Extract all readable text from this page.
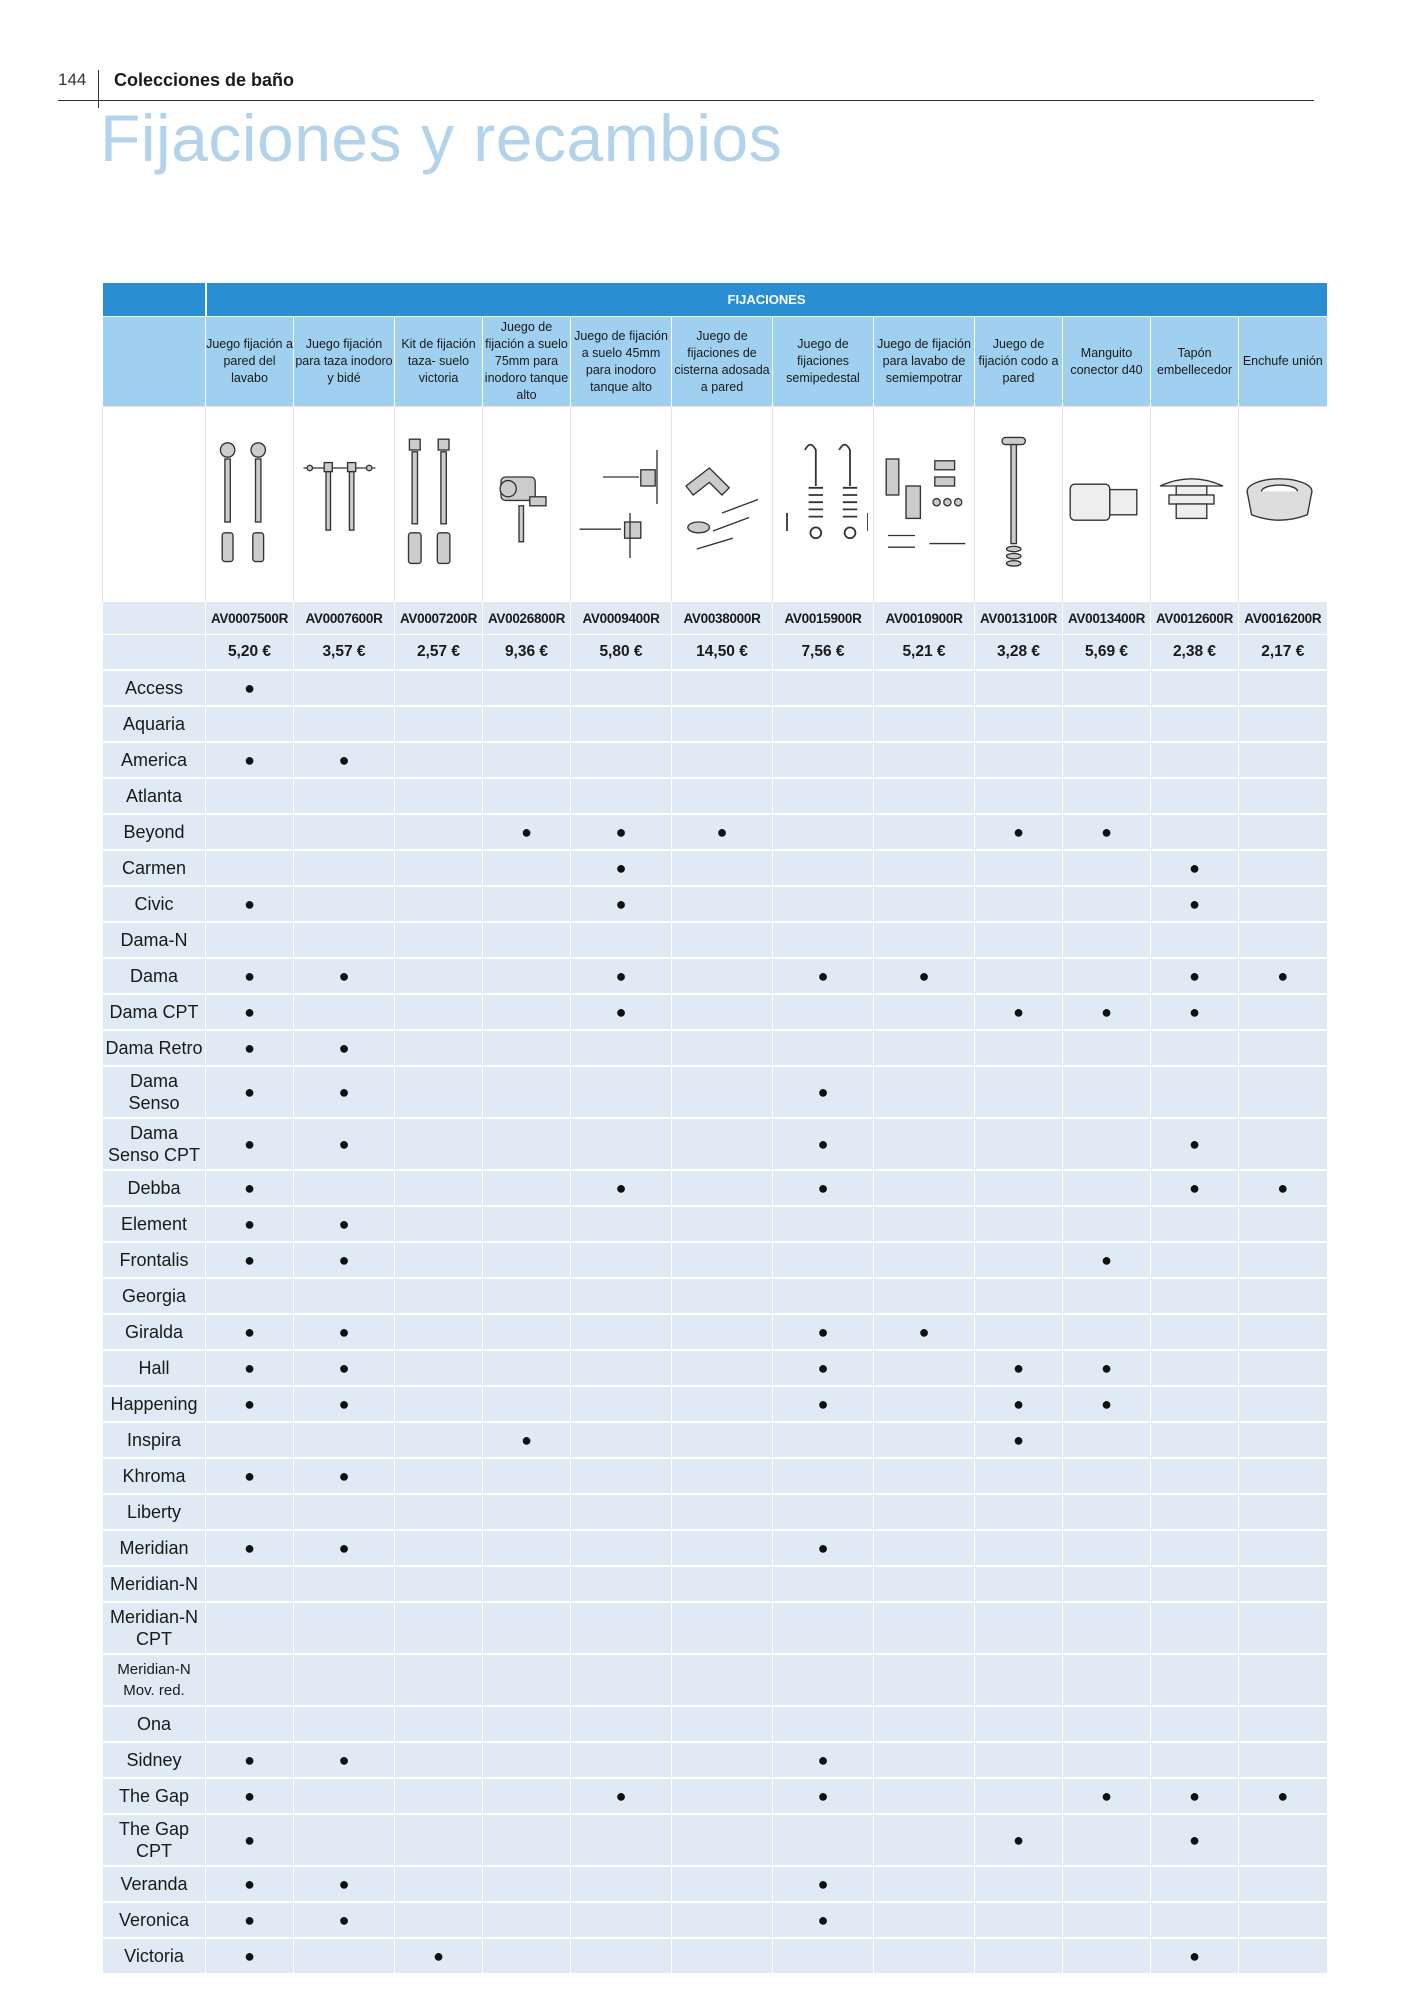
144	Colecciones de baño
Fijaciones y recambios
	FIJACIONES											
	Juego fijación a pared del lavabo	Juego fijación para taza inodoro y bidé	Kit de fijación taza- suelo victoria	Juego de fijación a suelo 75mm para inodoro tanque alto	Juego de fijación a suelo 45mm para inodoro tanque alto	Juego de fijaciones de cisterna adosada a pared	Juego de fijaciones semipedestal	Juego de fijación para lavabo de semiempotrar	Juego de fijación codo a pared	Manguito conector d40	Tapón embellecedor	Enchufe unión

	AV0007500R	AV0007600R	AV0007200R	AV0026800R	AV0009400R	AV0038000R	AV0015900R	AV0010900R	AV0013100R	AV0013400R	AV0012600R	AV0016200R
	5,20 €	3,57 €	2,57 €	9,36 €	5,80 €	14,50 €	7,56 €	5,21 €	3,28 €	5,69 €	2,38 €	2,17 €
Access	●											
Aquaria												
America	●	●										
Atlanta												
Beyond				●	●	●			●	●		
Carmen					●						●	
Civic	●				●						●	
Dama-N												
Dama	●	●			●		●	●			●	●
Dama CPT	●				●				●	●	●	
Dama Retro	●	●										
Dama Senso	●	●					●					
Dama Senso CPT	●	●					●				●	
Debba	●				●		●				●	●
Element	●	●										
Frontalis	●	●								●		
Georgia												
Giralda	●	●					●	●				
Hall	●	●					●		●	●		
Happening	●	●					●		●	●		
Inspira				●					●			
Khroma	●	●										
Liberty												
Meridian	●	●					●					
Meridian-N												
Meridian-N CPT												
Meridian-N Mov. red.												
Ona												
Sidney	●	●					●					
The Gap	●				●		●			●	●	●
The Gap CPT	●								●		●	
Veranda	●	●					●					
Veronica	●	●					●					
Victoria	●		●								●	
